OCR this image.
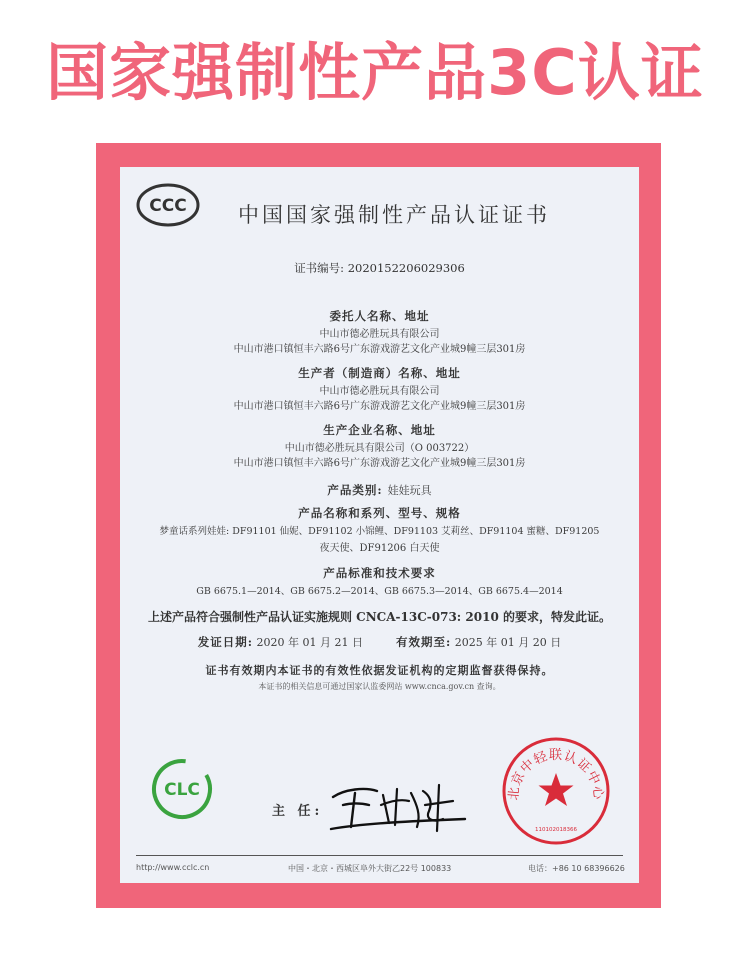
国家强制性产品3C认证
CCC 中国国家强制性产品认证证书
证书编号: 2020152206029306
委托人名称、地址
中山市德必胜玩具有限公司
中山市港口镇恒丰六路6号广东游戏游艺文化产业城9幢三层301房
生产者（制造商）名称、地址
中山市德必胜玩具有限公司
中山市港口镇恒丰六路6号广东游戏游艺文化产业城9幢三层301房
生产企业名称、地址
中山市德必胜玩具有限公司（O 003722）
中山市港口镇恒丰六路6号广东游戏游艺文化产业城9幢三层301房
产品类别: 娃娃玩具
产品名称和系列、型号、规格
梦童话系列娃娃: DF91101 仙妮、DF91102 小锦鲤、DF91103 艾莉丝、DF91104 蜜糖、DF91205
夜天使、DF91206 白天使
产品标准和技术要求
GB 6675.1—2014、GB 6675.2—2014、GB 6675.3—2014、GB 6675.4—2014
上述产品符合强制性产品认证实施规则 CNCA-13C-073: 2010 的要求，特发此证。
发证日期: 2020 年 01 月 21 日	有效期至: 2025 年 01 月 20 日
证书有效期内本证书的有效性依据发证机构的定期监督获得保持。
本证书的相关信息可通过国家认监委网站 www.cnca.gov.cn 查询。
CLC
主 任:
北京中轻联认证中心
110102018366
http://www.cclc.cn	中国・北京・西城区阜外大街乙22号 100833	电话：+86 10 68396626
